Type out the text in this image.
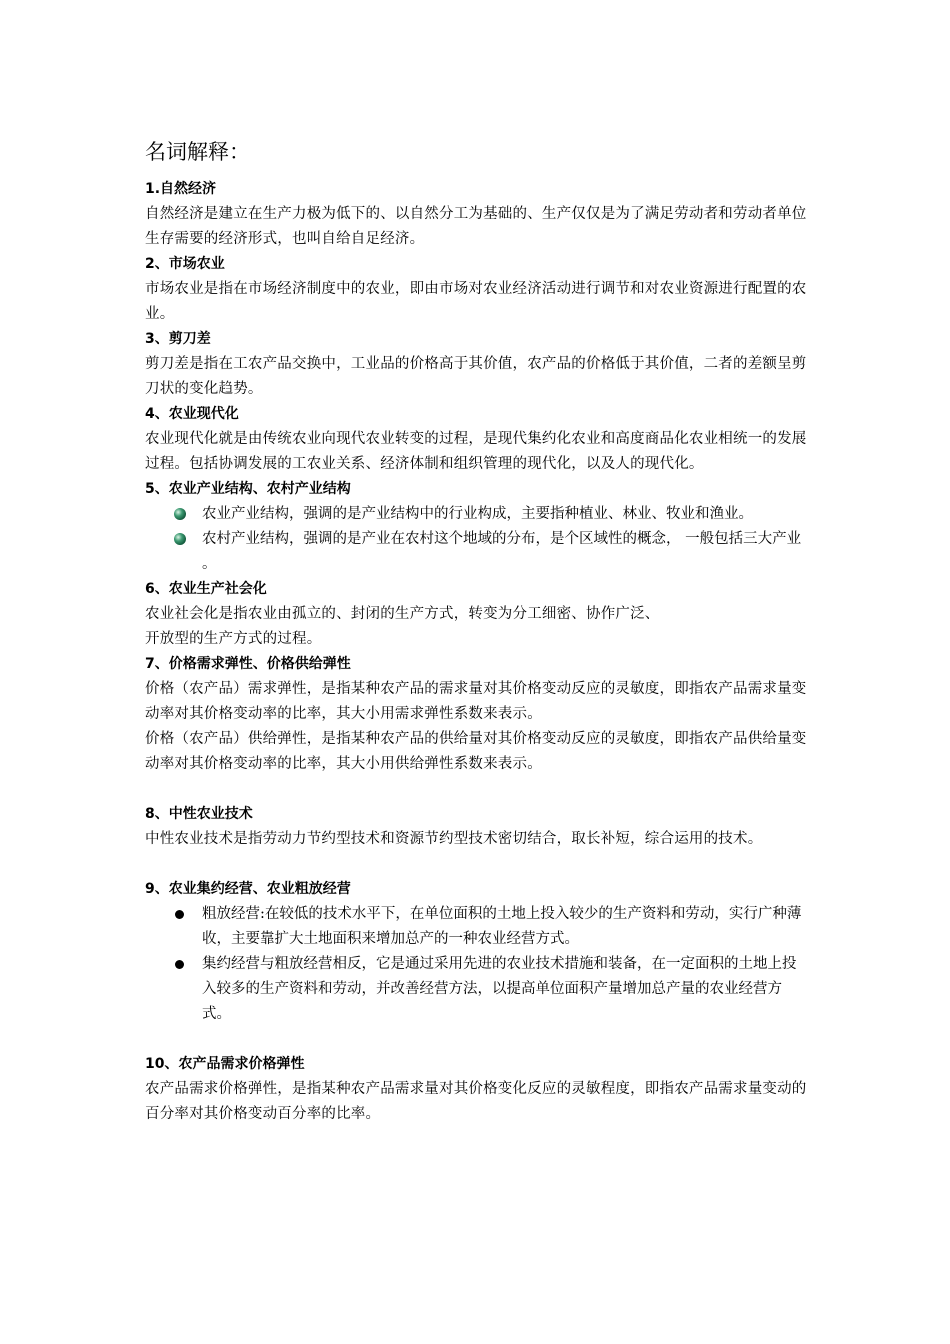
名词解释：
1.自然经济

自然经济是建立在生产力极为低下的、以自然分工为基础的、生产仅仅是为了满足劳动者和劳动者单位生存需要的经济形式，也叫自给自足经济。

2、市场农业

市场农业是指在市场经济制度中的农业，即由市场对农业经济活动进行调节和对农业资源进行配置的农业。

3、剪刀差

剪刀差是指在工农产品交换中，工业品的价格高于其价值，农产品的价格低于其价值，二者的差额呈剪刀状的变化趋势。

4、农业现代化

农业现代化就是由传统农业向现代农业转变的过程，是现代集约化农业和高度商品化农业相统一的发展过程。包括协调发展的工农业关系、经济体制和组织管理的现代化，以及人的现代化。

5、农业产业结构、农村产业结构
农业产业结构，强调的是产业结构中的行业构成，主要指种植业、林业、牧业和渔业。
农村产业结构，强调的是产业在农村这个地域的分布，是个区域性的概念， 一般包括三大产业 。
6、农业生产社会化

农业社会化是指农业由孤立的、封闭的生产方式，转变为分工细密、协作广泛、

开放型的生产方式的过程。

7、价格需求弹性、价格供给弹性

价格（农产品）需求弹性，是指某种农产品的需求量对其价格变动反应的灵敏度，即指农产品需求量变动率对其价格变动率的比率，其大小用需求弹性系数来表示。

价格（农产品）供给弹性，是指某种农产品的供给量对其价格变动反应的灵敏度，即指农产品供给量变动率对其价格变动率的比率，其大小用供给弹性系数来表示。

8、中性农业技术

中性农业技术是指劳动力节约型技术和资源节约型技术密切结合，取长补短，综合运用的技术。

9、农业集约经营、农业粗放经营
粗放经营:在较低的技术水平下，在单位面积的土地上投入较少的生产资料和劳动，实行广种薄收，主要靠扩大土地面积来增加总产的一种农业经营方式。
集约经营与粗放经营相反，它是通过采用先进的农业技术措施和装备，在一定面积的土地上投入较多的生产资料和劳动，并改善经营方法，以提高单位面积产量增加总产量的农业经营方式。
10、农产品需求价格弹性

农产品需求价格弹性，是指某种农产品需求量对其价格变化反应的灵敏程度，即指农产品需求量变动的百分率对其价格变动百分率的比率。
